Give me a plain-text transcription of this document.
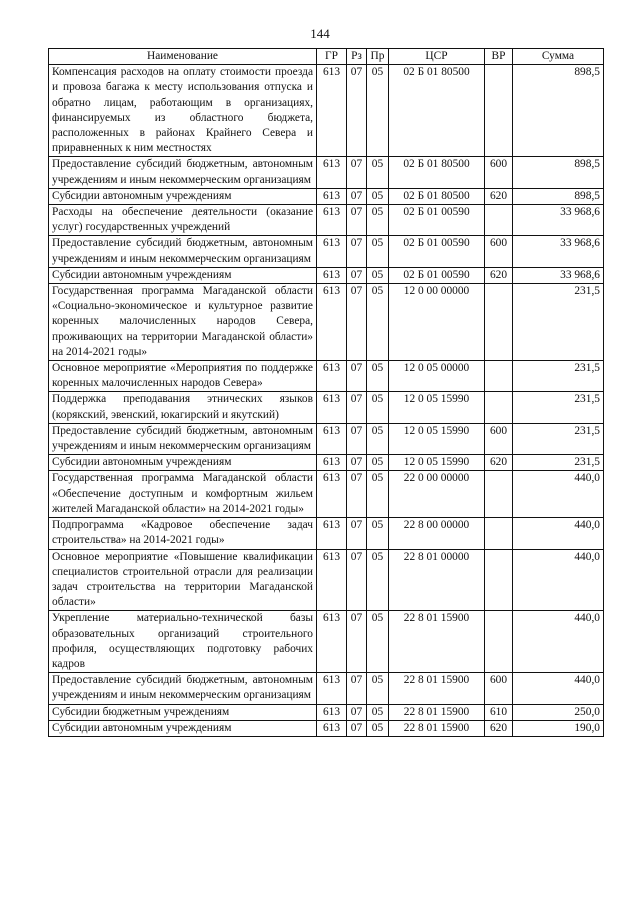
144
Наименование	ГР	Рз	Пр	ЦСР	ВР	Сумма
Компенсация расходов на оплату стоимости проезда и провоза багажа к месту использования отпуска и обратно лицам, работающим в организациях, финансируемых из областного бюджета, расположенных в районах Крайнего Севера и приравненных к ним местностях	613	07	05	02 Б 01 80500		898,5
Предоставление субсидий бюджетным, автономным учреждениям и иным некоммерческим организациям	613	07	05	02 Б 01 80500	600	898,5
Субсидии автономным учреждениям	613	07	05	02 Б 01 80500	620	898,5
Расходы на обеспечение деятельности (оказание услуг) государственных учреждений	613	07	05	02 Б 01 00590		33 968,6
Предоставление субсидий бюджетным, автономным учреждениям и иным некоммерческим организациям	613	07	05	02 Б 01 00590	600	33 968,6
Субсидии автономным учреждениям	613	07	05	02 Б 01 00590	620	33 968,6
Государственная программа Магаданской области «Социально-экономическое и культурное развитие коренных малочисленных народов Севера, проживающих на территории Магаданской области» на 2014-2021 годы»	613	07	05	12 0 00 00000		231,5
Основное мероприятие «Мероприятия по поддержке коренных малочисленных народов Севера»	613	07	05	12 0 05 00000		231,5
Поддержка преподавания этнических языков (корякский, эвенский, юкагирский и якутский)	613	07	05	12 0 05 15990		231,5
Предоставление субсидий бюджетным, автономным учреждениям и иным некоммерческим организациям	613	07	05	12 0 05 15990	600	231,5
Субсидии автономным учреждениям	613	07	05	12 0 05 15990	620	231,5
Государственная программа Магаданской области «Обеспечение доступным и комфортным жильем жителей Магаданской области» на 2014-2021 годы»	613	07	05	22 0 00 00000		440,0
Подпрограмма «Кадровое обеспечение задач строительства» на 2014-2021 годы»	613	07	05	22 8 00 00000		440,0
Основное мероприятие «Повышение квалификации специалистов строительной отрасли для реализации задач строительства на территории Магаданской области»	613	07	05	22 8 01 00000		440,0
Укрепление материально-технической базы образовательных организаций строительного профиля, осуществляющих подготовку рабочих кадров	613	07	05	22 8 01 15900		440,0
Предоставление субсидий бюджетным, автономным учреждениям и иным некоммерческим организациям	613	07	05	22 8 01 15900	600	440,0
Субсидии бюджетным учреждениям	613	07	05	22 8 01 15900	610	250,0
Субсидии автономным учреждениям	613	07	05	22 8 01 15900	620	190,0
